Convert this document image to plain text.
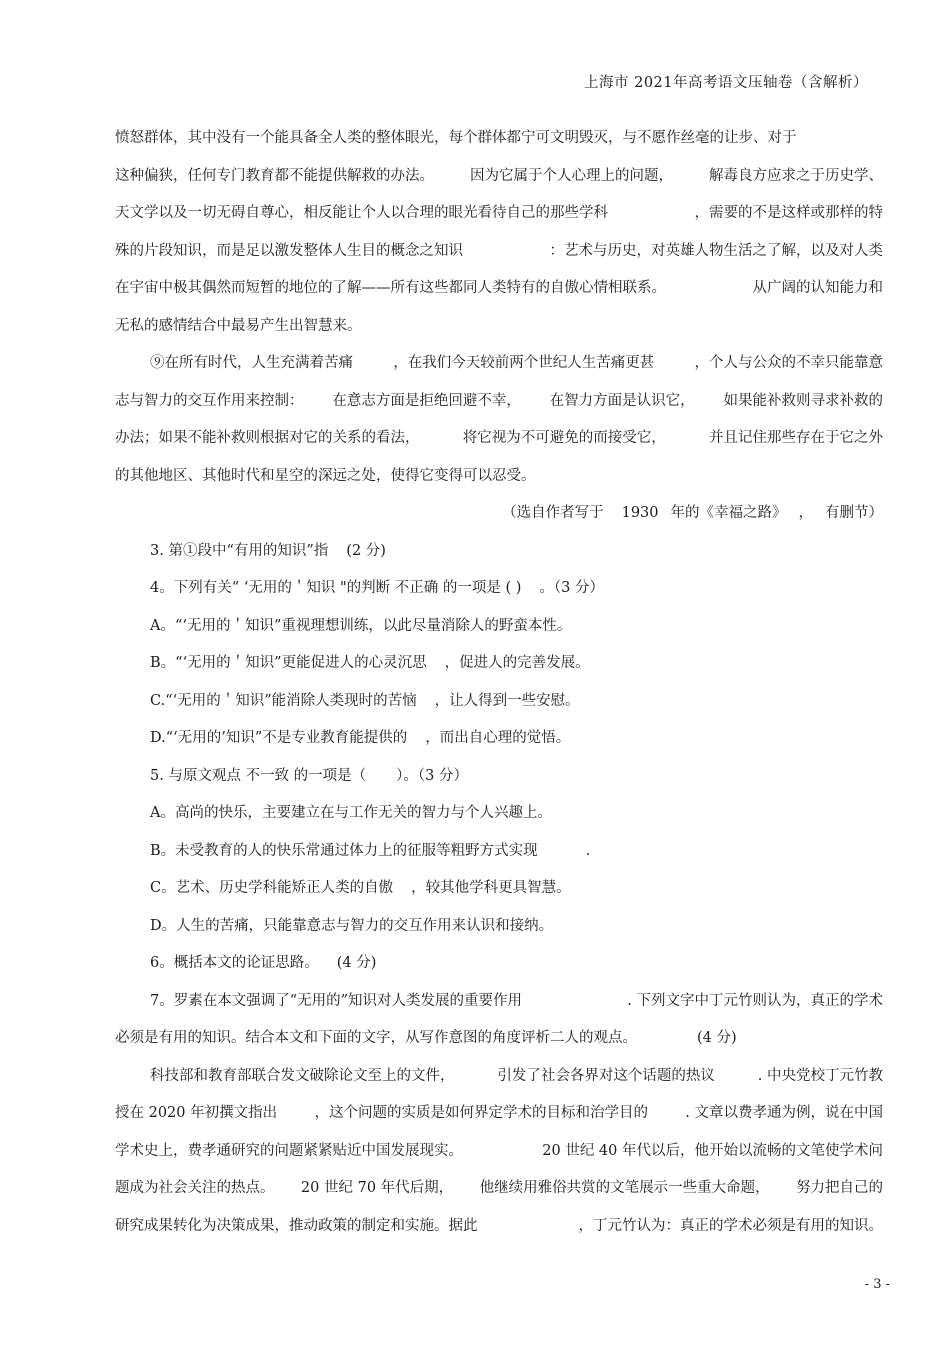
上海市 2021年高考语文压轴卷（含解析）
愤怒群体，其中没有一个能具备全人类的整体眼光，每个群体都宁可文明毁灭，与不愿作丝毫的让步、对于
这种偏狭，任何专门教育都不能提供解救的办法。 因为它属于个人心理上的问题， 解毒良方应求之于历史学、
天文学以及一切无碍自尊心，相反能让个人以合理的眼光看待自己的那些学科	，需要的不是这样或那样的特
殊的片段知识，而是足以激发整体人生目的概念之知识	：艺术与历史，对英雄人物生活之了解，以及对人类
在宇宙中极其偶然而短暂的地位的了解——所有这些都同人类特有的自傲心情相联系。	从广阔的认知能力和
无私的感情结合中最易产生出智慧来。
⑨在所有时代，人生充满着苦痛	，在我们今天较前两个世纪人生苦痛更甚	，个人与公众的不幸只能靠意
志与智力的交互作用来控制： 在意志方面是拒绝回避不幸， 在智力方面是认识它， 如果能补救则寻求补救的
办法；如果不能补救则根据对它的关系的看法，	将它视为不可避免的而接受它，	并且记住那些存在于它之外
的其他地区、其他时代和星空的深远之处，使得它变得可以忍受。
（选自作者写于 1930 年的《幸福之路》 ， 有删节）
3. 第①段中“有用的知识”指 (2 分)
4。下列有关“ ‘无用的＇知识 "的判断 不正确 的一项是 ( ) 。（3 分）
A。“‘无用的＇知识”重视理想训练，以此尽量消除人的野蛮本性。
B。“‘无用的＇知识”更能促进人的心灵沉思 ，促进人的完善发展。
C.“‘无用的＇知识”能消除人类现时的苦恼 ，让人得到一些安慰。
D.“‘无用的’知识”不是专业教育能提供的 ，而出自心理的觉悟。
5. 与原文观点 不一致 的一项是（ ）。（3 分）
A。高尚的快乐，主要建立在与工作无关的智力与个人兴趣上。
B。未受教育的人的快乐常通过体力上的征服等粗野方式实现	.
C。艺术、历史学科能矫正人类的自傲 ，较其他学科更具智慧。
D。人生的苦痛，只能靠意志与智力的交互作用来认识和接纳。
6。概括本文的论证思路。 (4 分)
7。罗素在本文强调了“无用的”知识对人类发展的重要作用	. 下列文字中丁元竹则认为，真正的学术
必须是有用的知识。结合本文和下面的文字，从写作意图的角度评析二人的观点。	(4 分)
科技部和教育部联合发文破除论文至上的文件，	引发了社会各界对这个话题的热议	. 中央党校丁元竹教
授在 2020 年初撰文指出	，这个问题的实质是如何界定学术的目标和治学目的	. 文章以费孝通为例，说在中国
学术史上，费孝通研究的问题紧紧贴近中国发展现实。	20 世纪 40 年代以后，他开始以流畅的文笔使学术问
题成为社会关注的热点。 20 世纪 70 年代后期， 他继续用雅俗共赏的文笔展示一些重大命题， 努力把自己的
研究成果转化为决策成果，推动政策的制定和实施。据此	，丁元竹认为：真正的学术必须是有用的知识。
- 3 -
